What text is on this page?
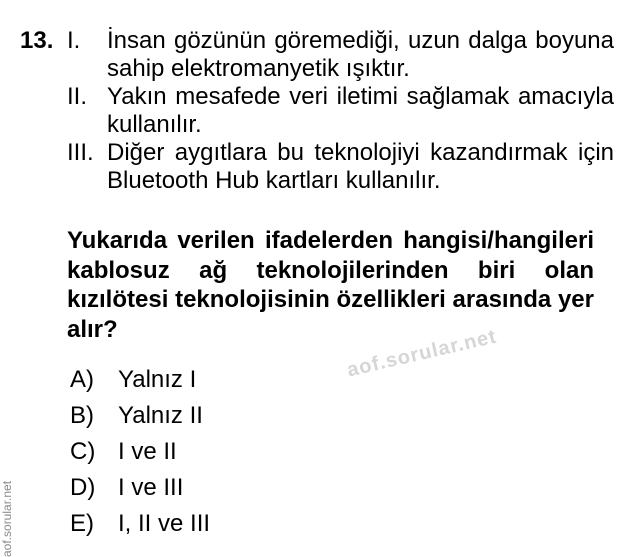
13. I. İnsan gözünün göremediği, uzun dalga boyuna sahip elektromanyetik ışıktır.
II. Yakın mesafede veri iletimi sağlamak amacıyla kullanılır.
III. Diğer aygıtlara bu teknolojiyi kazandırmak için Bluetooth Hub kartları kullanılır.
Yukarıda verilen ifadelerden hangisi/hangileri kablosuz ağ teknolojilerinden biri olan kızılötesi teknolojisinin özellikleri arasında yer alır?
A) Yalnız I
B) Yalnız II
C) I ve II
D) I ve III
E) I, II ve III
aof.sorular.net
aof.sorular.net
